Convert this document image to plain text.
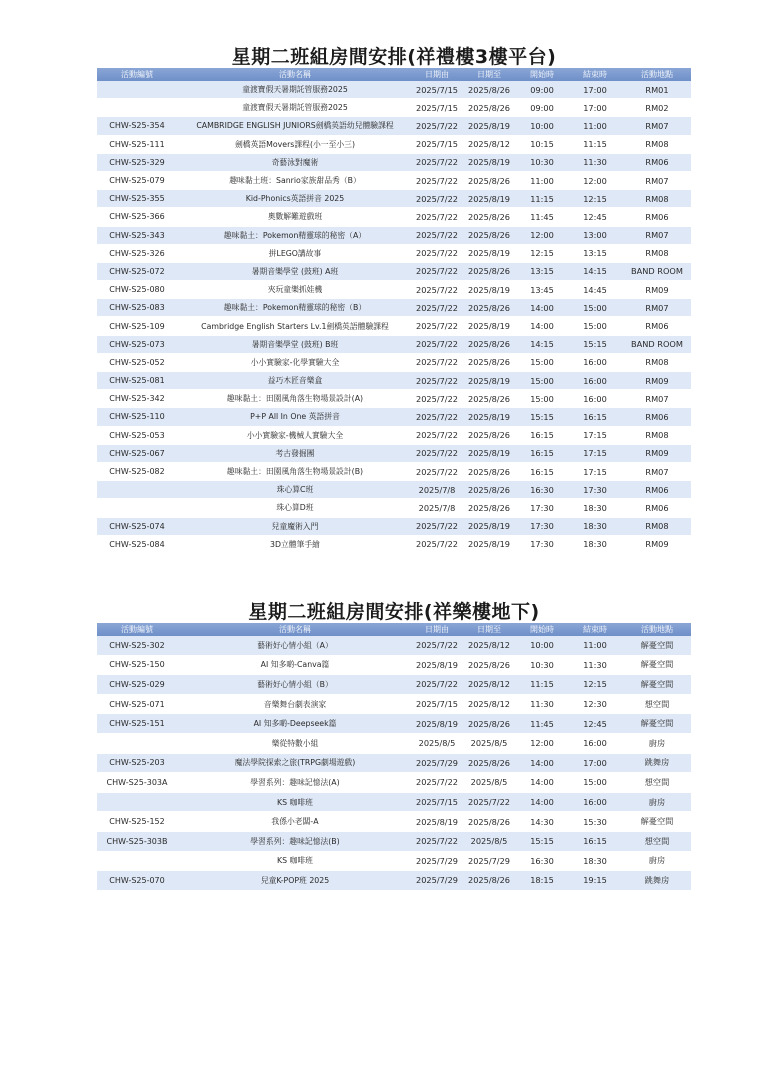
星期二班組房間安排(祥禮樓3樓平台)
活動編號	活動名稱	日期由	日期至	開始時	結束時	活動地點
	童渡寶假天暑期託管服務2025	2025/7/15	2025/8/26	09:00	17:00	RM01
	童渡寶假天暑期託管服務2025	2025/7/15	2025/8/26	09:00	17:00	RM02
CHW-S25-354	CAMBRIDGE ENGLISH JUNIORS劍橋英語幼兒體驗課程	2025/7/22	2025/8/19	10:00	11:00	RM07
CHW-S25-111	劍橋英語Movers課程(小一至小三)	2025/7/15	2025/8/12	10:15	11:15	RM08
CHW-S25-329	奇藝泳對魔術	2025/7/22	2025/8/19	10:30	11:30	RM06
CHW-S25-079	趣味黏土班：Sanrio家族甜品秀（B）	2025/7/22	2025/8/26	11:00	12:00	RM07
CHW-S25-355	Kid-Phonics英語拼音 2025	2025/7/22	2025/8/19	11:15	12:15	RM08
CHW-S25-366	奧數解難遊戲班	2025/7/22	2025/8/26	11:45	12:45	RM06
CHW-S25-343	趣味黏土：Pokemon精靈球的秘密（A）	2025/7/22	2025/8/26	12:00	13:00	RM07
CHW-S25-326	拼LEGO講故事	2025/7/22	2025/8/19	12:15	13:15	RM08
CHW-S25-072	暑期音樂學堂 (鼓班) A班	2025/7/22	2025/8/26	13:15	14:15	BAND ROOM
CHW-S25-080	夾玩童樂抓娃機	2025/7/22	2025/8/19	13:45	14:45	RM09
CHW-S25-083	趣味黏土：Pokemon精靈球的秘密（B）	2025/7/22	2025/8/26	14:00	15:00	RM07
CHW-S25-109	Cambridge English Starters Lv.1劍橋英語體驗課程	2025/7/22	2025/8/19	14:00	15:00	RM06
CHW-S25-073	暑期音樂學堂 (鼓班) B班	2025/7/22	2025/8/26	14:15	15:15	BAND ROOM
CHW-S25-052	小小實驗家-化學實驗大全	2025/7/22	2025/8/26	15:00	16:00	RM08
CHW-S25-081	益巧木匠音樂盒	2025/7/22	2025/8/19	15:00	16:00	RM09
CHW-S25-342	趣味黏土：田園風角落生物場景設計(A)	2025/7/22	2025/8/26	15:00	16:00	RM07
CHW-S25-110	P+P All In One 英語拼音	2025/7/22	2025/8/19	15:15	16:15	RM06
CHW-S25-053	小小實驗家-機械人實驗大全	2025/7/22	2025/8/26	16:15	17:15	RM08
CHW-S25-067	考古發掘團	2025/7/22	2025/8/19	16:15	17:15	RM09
CHW-S25-082	趣味黏土：田園風角落生物場景設計(B)	2025/7/22	2025/8/26	16:15	17:15	RM07
	珠心算C班	2025/7/8	2025/8/26	16:30	17:30	RM06
	珠心算D班	2025/7/8	2025/8/26	17:30	18:30	RM06
CHW-S25-074	兒童魔術入門	2025/7/22	2025/8/19	17:30	18:30	RM08
CHW-S25-084	3D立體筆手繪	2025/7/22	2025/8/19	17:30	18:30	RM09
星期二班組房間安排(祥樂樓地下)
活動編號	活動名稱	日期由	日期至	開始時	結束時	活動地點
CHW-S25-302	藝術好心情小組（A）	2025/7/22	2025/8/12	10:00	11:00	解憂空間
CHW-S25-150	AI 知多啲-Canva篇	2025/8/19	2025/8/26	10:30	11:30	解憂空間
CHW-S25-029	藝術好心情小組（B）	2025/7/22	2025/8/12	11:15	12:15	解憂空間
CHW-S25-071	音樂舞台劇表演家	2025/7/15	2025/8/12	11:30	12:30	想空間
CHW-S25-151	AI 知多啲-Deepseek篇	2025/8/19	2025/8/26	11:45	12:45	解憂空間
	樂從特數小組	2025/8/5	2025/8/5	12:00	16:00	廚房
CHW-S25-203	魔法學院探索之旅(TRPG劇場遊戲)	2025/7/29	2025/8/26	14:00	17:00	跳舞房
CHW-S25-303A	學習系列：趣味記憶法(A)	2025/7/22	2025/8/5	14:00	15:00	想空間
	KS 咖啡班	2025/7/15	2025/7/22	14:00	16:00	廚房
CHW-S25-152	我係小老闆-A	2025/8/19	2025/8/26	14:30	15:30	解憂空間
CHW-S25-303B	學習系列：趣味記憶法(B)	2025/7/22	2025/8/5	15:15	16:15	想空間
	KS 咖啡班	2025/7/29	2025/7/29	16:30	18:30	廚房
CHW-S25-070	兒童K-POP班 2025	2025/7/29	2025/8/26	18:15	19:15	跳舞房
